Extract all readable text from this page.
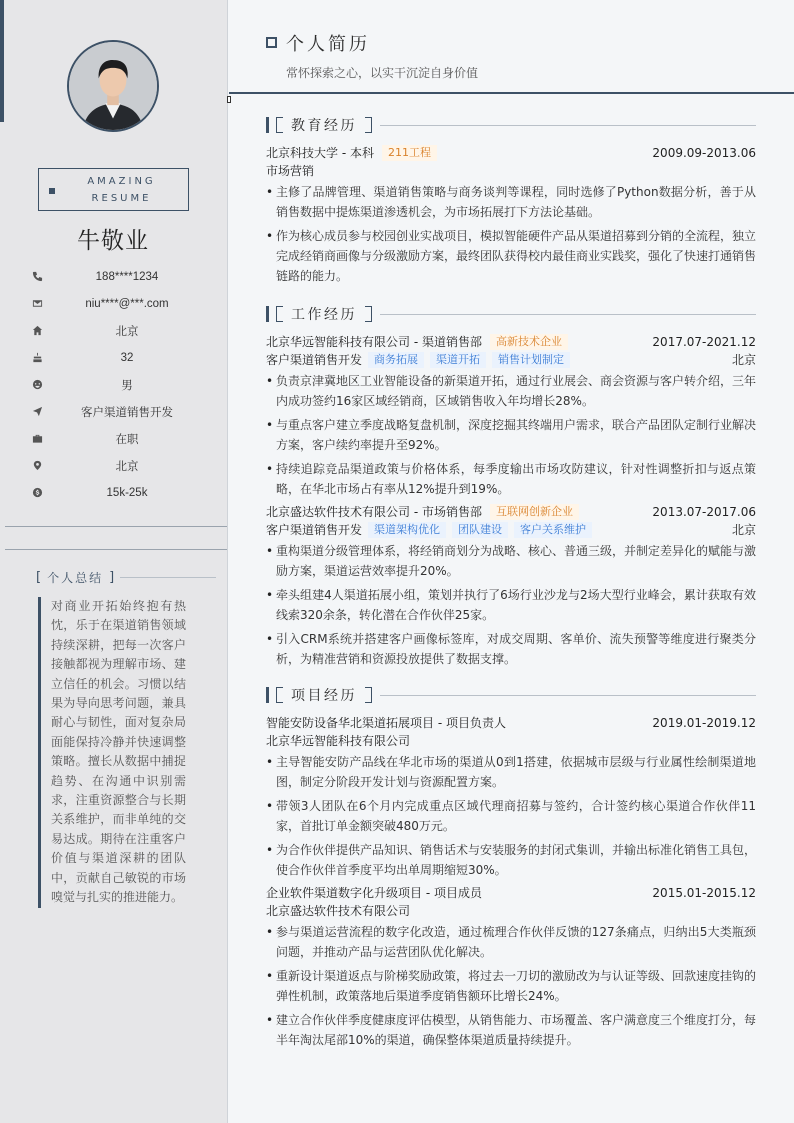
AMAZING
RESUME
牛敬业
188****1234
niu****@***.com
北京
32
男
客户渠道销售开发
在职
北京
15k-25k
[ 个人总结 ]
对商业开拓始终抱有热忱，乐于在渠道销售领域持续深耕，把每一次客户接触都视为理解市场、建立信任的机会。习惯以结果为导向思考问题，兼具耐心与韧性，面对复杂局面能保持冷静并快速调整策略。擅长从数据中捕捉趋势、在沟通中识别需求，注重资源整合与长期关系维护，而非单纯的交易达成。期待在注重客户价值与渠道深耕的团队中，贡献自己敏锐的市场嗅觉与扎实的推进能力。
个人简历
常怀探索之心，以实干沉淀自身价值
教育经历
北京科技大学 - 本科	211工程	2009.09-2013.06
市场营销
• 主修了品牌管理、渠道销售策略与商务谈判等课程，同时选修了Python数据分析，善于从销售数据中提炼渠道渗透机会，为市场拓展打下方法论基础。
• 作为核心成员参与校园创业实战项目，模拟智能硬件产品从渠道招募到分销的全流程，独立完成经销商画像与分级激励方案，最终团队获得校内最佳商业实践奖，强化了快速打通销售链路的能力。
工作经历
北京华远智能科技有限公司 - 渠道销售部	高新技术企业	2017.07-2021.12
客户渠道销售开发	商务拓展	渠道开拓	销售计划制定	北京
• 负责京津冀地区工业智能设备的新渠道开拓，通过行业展会、商会资源与客户转介绍，三年内成功签约16家区域经销商，区域销售收入年均增长28%。
• 与重点客户建立季度战略复盘机制，深度挖掘其终端用户需求，联合产品团队定制行业解决方案，客户续约率提升至92%。
• 持续追踪竞品渠道政策与价格体系，每季度输出市场攻防建议，针对性调整折扣与返点策略，在华北市场占有率从12%提升到19%。
北京盛达软件技术有限公司 - 市场销售部	互联网创新企业	2013.07-2017.06
客户渠道销售开发	渠道架构优化	团队建设	客户关系维护	北京
• 重构渠道分级管理体系，将经销商划分为战略、核心、普通三级，并制定差异化的赋能与激励方案，渠道运营效率提升20%。
• 牵头组建4人渠道拓展小组，策划并执行了6场行业沙龙与2场大型行业峰会，累计获取有效线索320余条，转化潜在合作伙伴25家。
• 引入CRM系统并搭建客户画像标签库，对成交周期、客单价、流失预警等维度进行聚类分析，为精准营销和资源投放提供了数据支撑。
项目经历
智能安防设备华北渠道拓展项目 - 项目负责人	2019.01-2019.12
北京华远智能科技有限公司
• 主导智能安防产品线在华北市场的渠道从0到1搭建，依据城市层级与行业属性绘制渠道地图，制定分阶段开发计划与资源配置方案。
• 带领3人团队在6个月内完成重点区域代理商招募与签约，合计签约核心渠道合作伙伴11家，首批订单金额突破480万元。
• 为合作伙伴提供产品知识、销售话术与安装服务的封闭式集训，并输出标准化销售工具包，使合作伙伴首季度平均出单周期缩短30%。
企业软件渠道数字化升级项目 - 项目成员	2015.01-2015.12
北京盛达软件技术有限公司
• 参与渠道运营流程的数字化改造，通过梳理合作伙伴反馈的127条痛点，归纳出5大类瓶颈问题，并推动产品与运营团队优化解决。
• 重新设计渠道返点与阶梯奖励政策，将过去一刀切的激励改为与认证等级、回款速度挂钩的弹性机制，政策落地后渠道季度销售额环比增长24%。
• 建立合作伙伴季度健康度评估模型，从销售能力、市场覆盖、客户满意度三个维度打分，每半年淘汰尾部10%的渠道，确保整体渠道质量持续提升。
